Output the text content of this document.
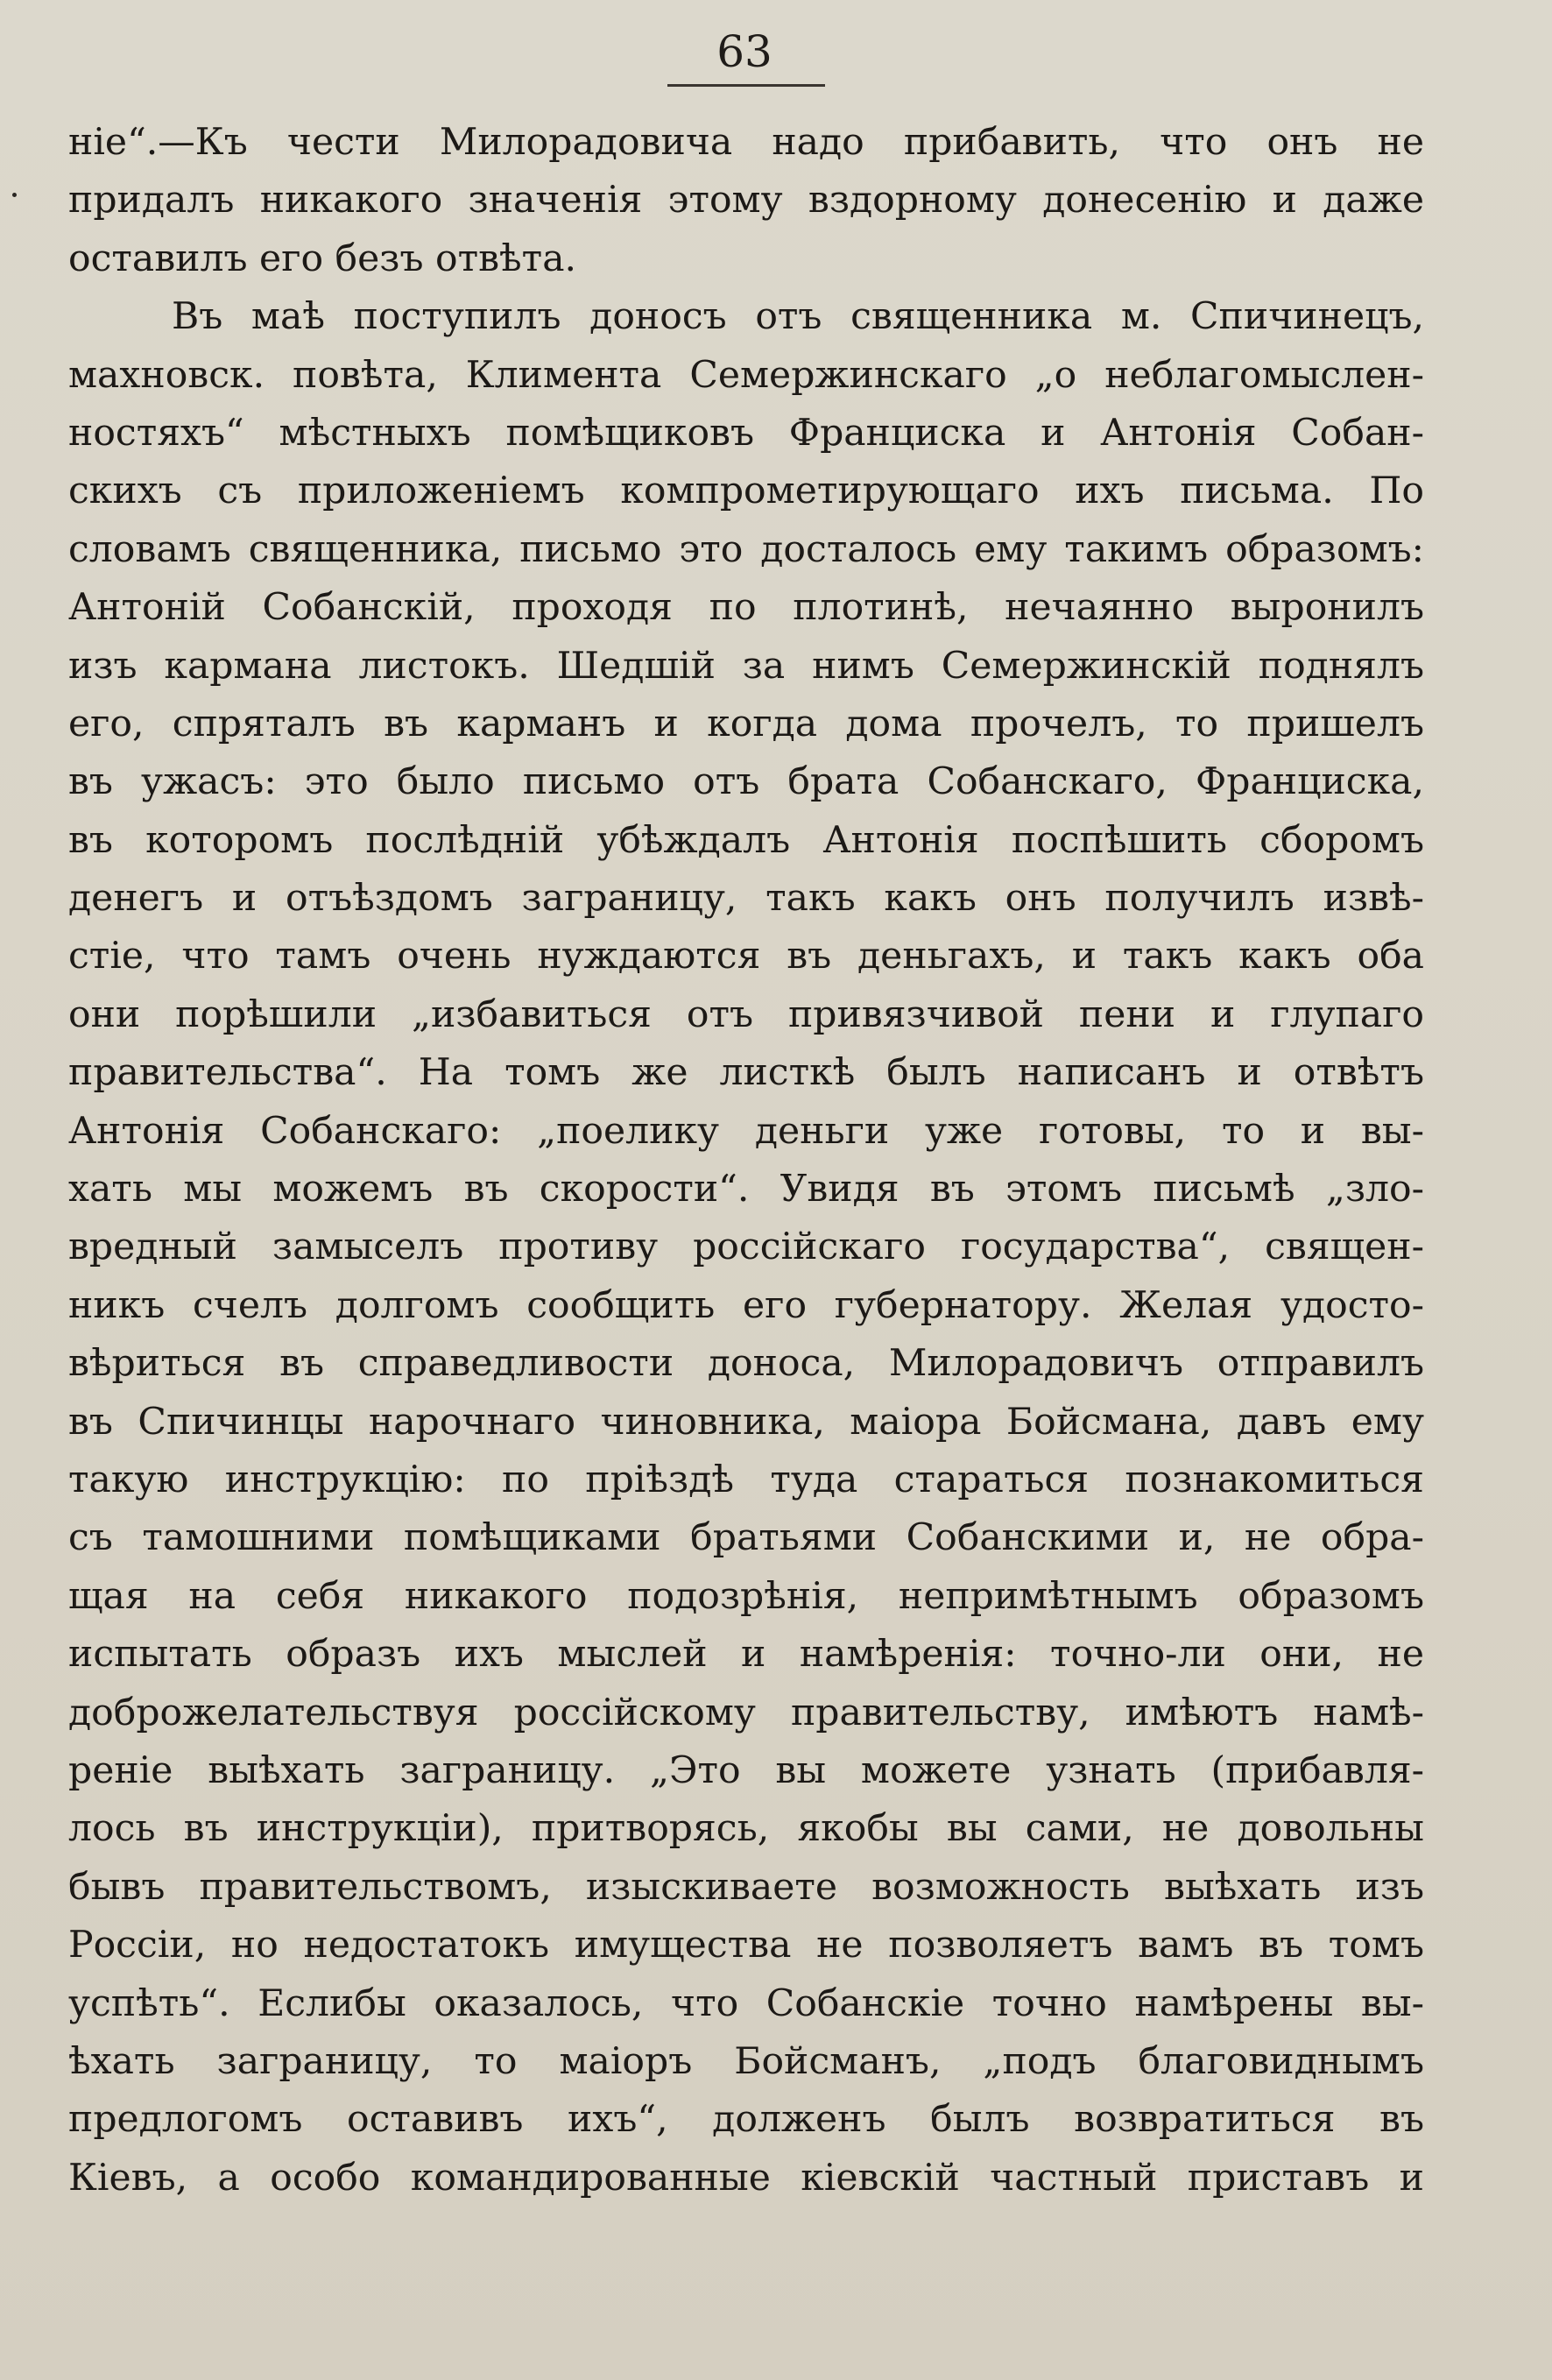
63
ніе“.—Къ чести Милорадовича надо прибавить, что онъ не
придалъ никакого значенія этому вздорному донесенію и даже
оставилъ его безъ отвѣта.
Въ маѣ поступилъ доносъ отъ священника м. Спичинецъ,
махновск. повѣта, Климента Семержинскаго „о неблагомыслен-
ностяхъ“ мѣстныхъ помѣщиковъ Франциска и Антонія Собан-
скихъ съ приложеніемъ компрометирующаго ихъ письма. По
словамъ священника, письмо это досталось ему такимъ образомъ:
Антоній Собанскій, проходя по плотинѣ, нечаянно выронилъ
изъ кармана листокъ. Шедшій за нимъ Семержинскій поднялъ
его, спряталъ въ карманъ и когда дома прочелъ, то пришелъ
въ ужасъ: это было письмо отъ брата Собанскаго, Франциска,
въ которомъ послѣдній убѣждалъ Антонія поспѣшить сборомъ
денегъ и отъѣздомъ заграницу, такъ какъ онъ получилъ извѣ-
стіе, что тамъ очень нуждаются въ деньгахъ, и такъ какъ оба
они порѣшили „избавиться отъ привязчивой пени и глупаго
правительства“. На томъ же листкѣ былъ написанъ и отвѣтъ
Антонія Собанскаго: „поелику деньги уже готовы, то и вы-
хать мы можемъ въ скорости“. Увидя въ этомъ письмѣ „зло-
вредный замыселъ противу россійскаго государства“, священ-
никъ счелъ долгомъ сообщить его губернатору. Желая удосто-
вѣриться въ справедливости доноса, Милорадовичъ отправилъ
въ Спичинцы нарочнаго чиновника, маіора Бойсмана, давъ ему
такую инструкцію: по пріѣздѣ туда стараться познакомиться
съ тамошними помѣщиками братьями Собанскими и, не обра-
щая на себя никакого подозрѣнія, непримѣтнымъ образомъ
испытать образъ ихъ мыслей и намѣренія: точно-ли они, не
доброжелательствуя россійскому правительству, имѣютъ намѣ-
реніе выѣхать заграницу. „Это вы можете узнать (прибавля-
лось въ инструкціи), притворясь, якобы вы сами, не довольны
бывъ правительствомъ, изыскиваете возможность выѣхать изъ
Россіи, но недостатокъ имущества не позволяетъ вамъ въ томъ
успѣть“. Еслибы оказалось, что Собанскіе точно намѣрены вы-
ѣхать заграницу, то маіоръ Бойсманъ, „подъ благовиднымъ
предлогомъ оставивъ ихъ“, долженъ былъ возвратиться въ
Кіевъ, а особо командированные кіевскій частный приставъ и
